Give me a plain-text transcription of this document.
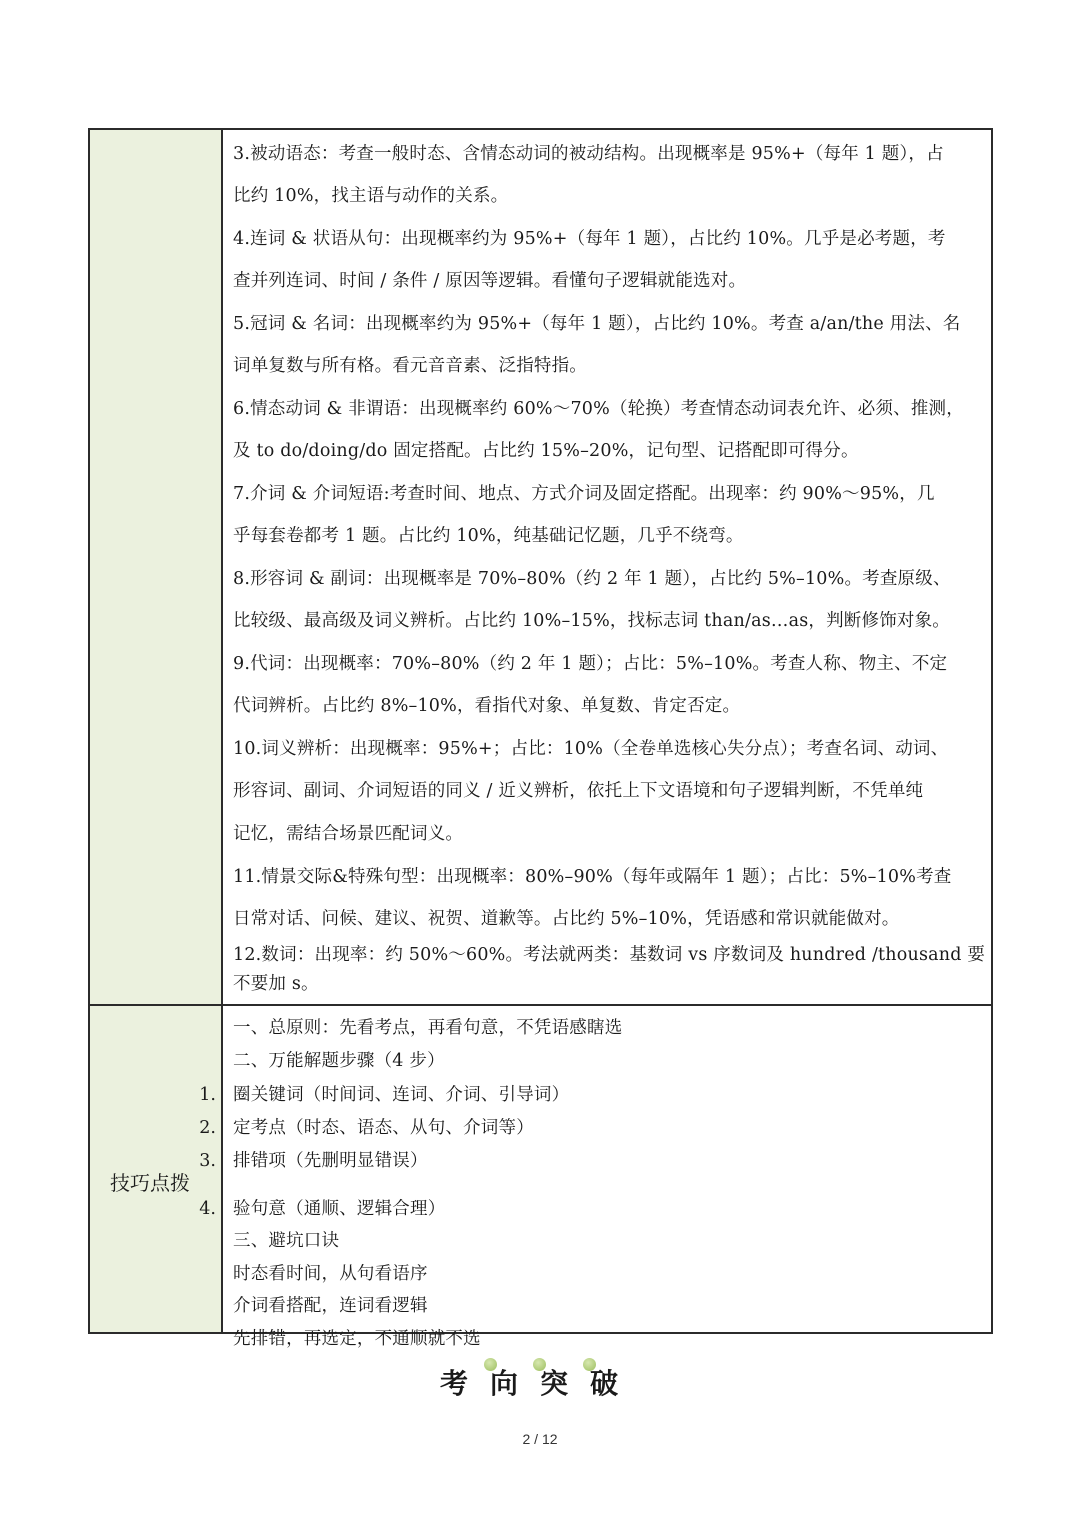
3.被动语态：考查一般时态、含情态动词的被动结构。出现概率是 95%+（每年 1 题），占
比约 10%，找主语与动作的关系。
4.连词 & 状语从句：出现概率约为 95%+（每年 1 题），占比约 10%。几乎是必考题，考
查并列连词、时间 / 条件 / 原因等逻辑。看懂句子逻辑就能选对。
5.冠词 & 名词：出现概率约为 95%+（每年 1 题），占比约 10%。考查 a/an/the 用法、名
词单复数与所有格。看元音音素、泛指特指。
6.情态动词 & 非谓语：出现概率约 60%～70%（轮换）考查情态动词表允许、必须、推测，
及 to do/doing/do 固定搭配。占比约 15%–20%，记句型、记搭配即可得分。
7.介词 & 介词短语:考查时间、地点、方式介词及固定搭配。出现率：约 90%～95%，几
乎每套卷都考 1 题。占比约 10%，纯基础记忆题，几乎不绕弯。
8.形容词 & 副词：出现概率是 70%–80%（约 2 年 1 题），占比约 5%–10%。考查原级、
比较级、最高级及词义辨析。占比约 10%–15%，找标志词 than/as…as，判断修饰对象。
9.代词：出现概率：70%–80%（约 2 年 1 题）；占比：5%–10%。考查人称、物主、不定
代词辨析。占比约 8%–10%，看指代对象、单复数、肯定否定。
10.词义辨析：出现概率：95%+；占比：10%（全卷单选核心失分点）；考查名词、动词、
形容词、副词、介词短语的同义 / 近义辨析，依托上下文语境和句子逻辑判断，不凭单纯
记忆，需结合场景匹配词义。
11.情景交际&特殊句型：出现概率：80%–90%（每年或隔年 1 题）；占比：5%–10%考查
日常对话、问候、建议、祝贺、道歉等。占比约 5%–10%，凭语感和常识就能做对。
12.数词：出现率：约 50%～60%。考法就两类：基数词 vs 序数词及 hundred /thousand 要
不要加 s。
技巧点拨
1.
2.
3.
4.
一、总原则：先看考点，再看句意，不凭语感瞎选
二、万能解题步骤（4 步）
圈关键词（时间词、连词、介词、引导词）
定考点（时态、语态、从句、介词等）
排错项（先删明显错误）
验句意（通顺、逻辑合理）
三、避坑口诀
时态看时间，从句看语序
介词看搭配，连词看逻辑
先排错，再选定，不通顺就不选
考向突破
2 / 12
